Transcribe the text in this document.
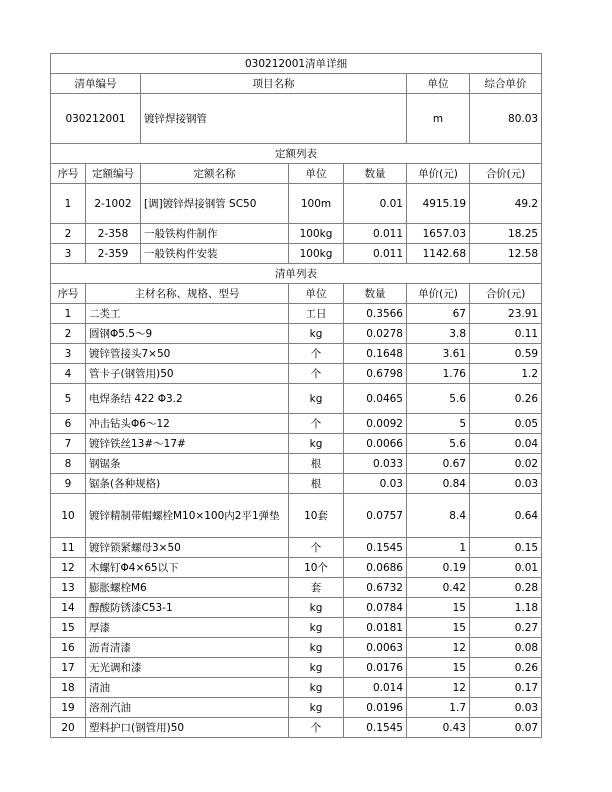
030212001清单详细						
清单编号		项目名称			单位	综合单价
030212001		镀锌焊接钢管			m	80.03
定额列表						
序号	定额编号	定额名称	单位	数量	单价(元)	合价(元)
1	2-1002	[调]镀锌焊接钢管 SC50	100m	0.01	4915.19	49.2
2	2-358	一般铁构件制作	100kg	0.011	1657.03	18.25
3	2-359	一般铁构件安装	100kg	0.011	1142.68	12.58
清单列表						
序号	主材名称、规格、型号		单位	数量	单价(元)	合价(元)
1	二类工		工日	0.3566	67	23.91
2	圆钢Φ5.5～9		kg	0.0278	3.8	0.11
3	镀锌管接头7×50		个	0.1648	3.61	0.59
4	管卡子(钢管用)50		个	0.6798	1.76	1.2
5	电焊条结 422 Φ3.2		kg	0.0465	5.6	0.26
6	冲击钻头Φ6～12		个	0.0092	5	0.05
7	镀锌铁丝13#～17#		kg	0.0066	5.6	0.04
8	钢锯条		根	0.033	0.67	0.02
9	锯条(各种规格)		根	0.03	0.84	0.03
10	镀锌精制带帽螺栓M10×100内2平1弹垫		10套	0.0757	8.4	0.64
11	镀锌锁紧螺母3×50		个	0.1545	1	0.15
12	木螺钉Φ4×65以下		10个	0.0686	0.19	0.01
13	膨胀螺栓M6		套	0.6732	0.42	0.28
14	醇酸防锈漆C53-1		kg	0.0784	15	1.18
15	厚漆		kg	0.0181	15	0.27
16	沥青清漆		kg	0.0063	12	0.08
17	无光调和漆		kg	0.0176	15	0.26
18	清油		kg	0.014	12	0.17
19	溶剂汽油		kg	0.0196	1.7	0.03
20	塑料护口(钢管用)50		个	0.1545	0.43	0.07
